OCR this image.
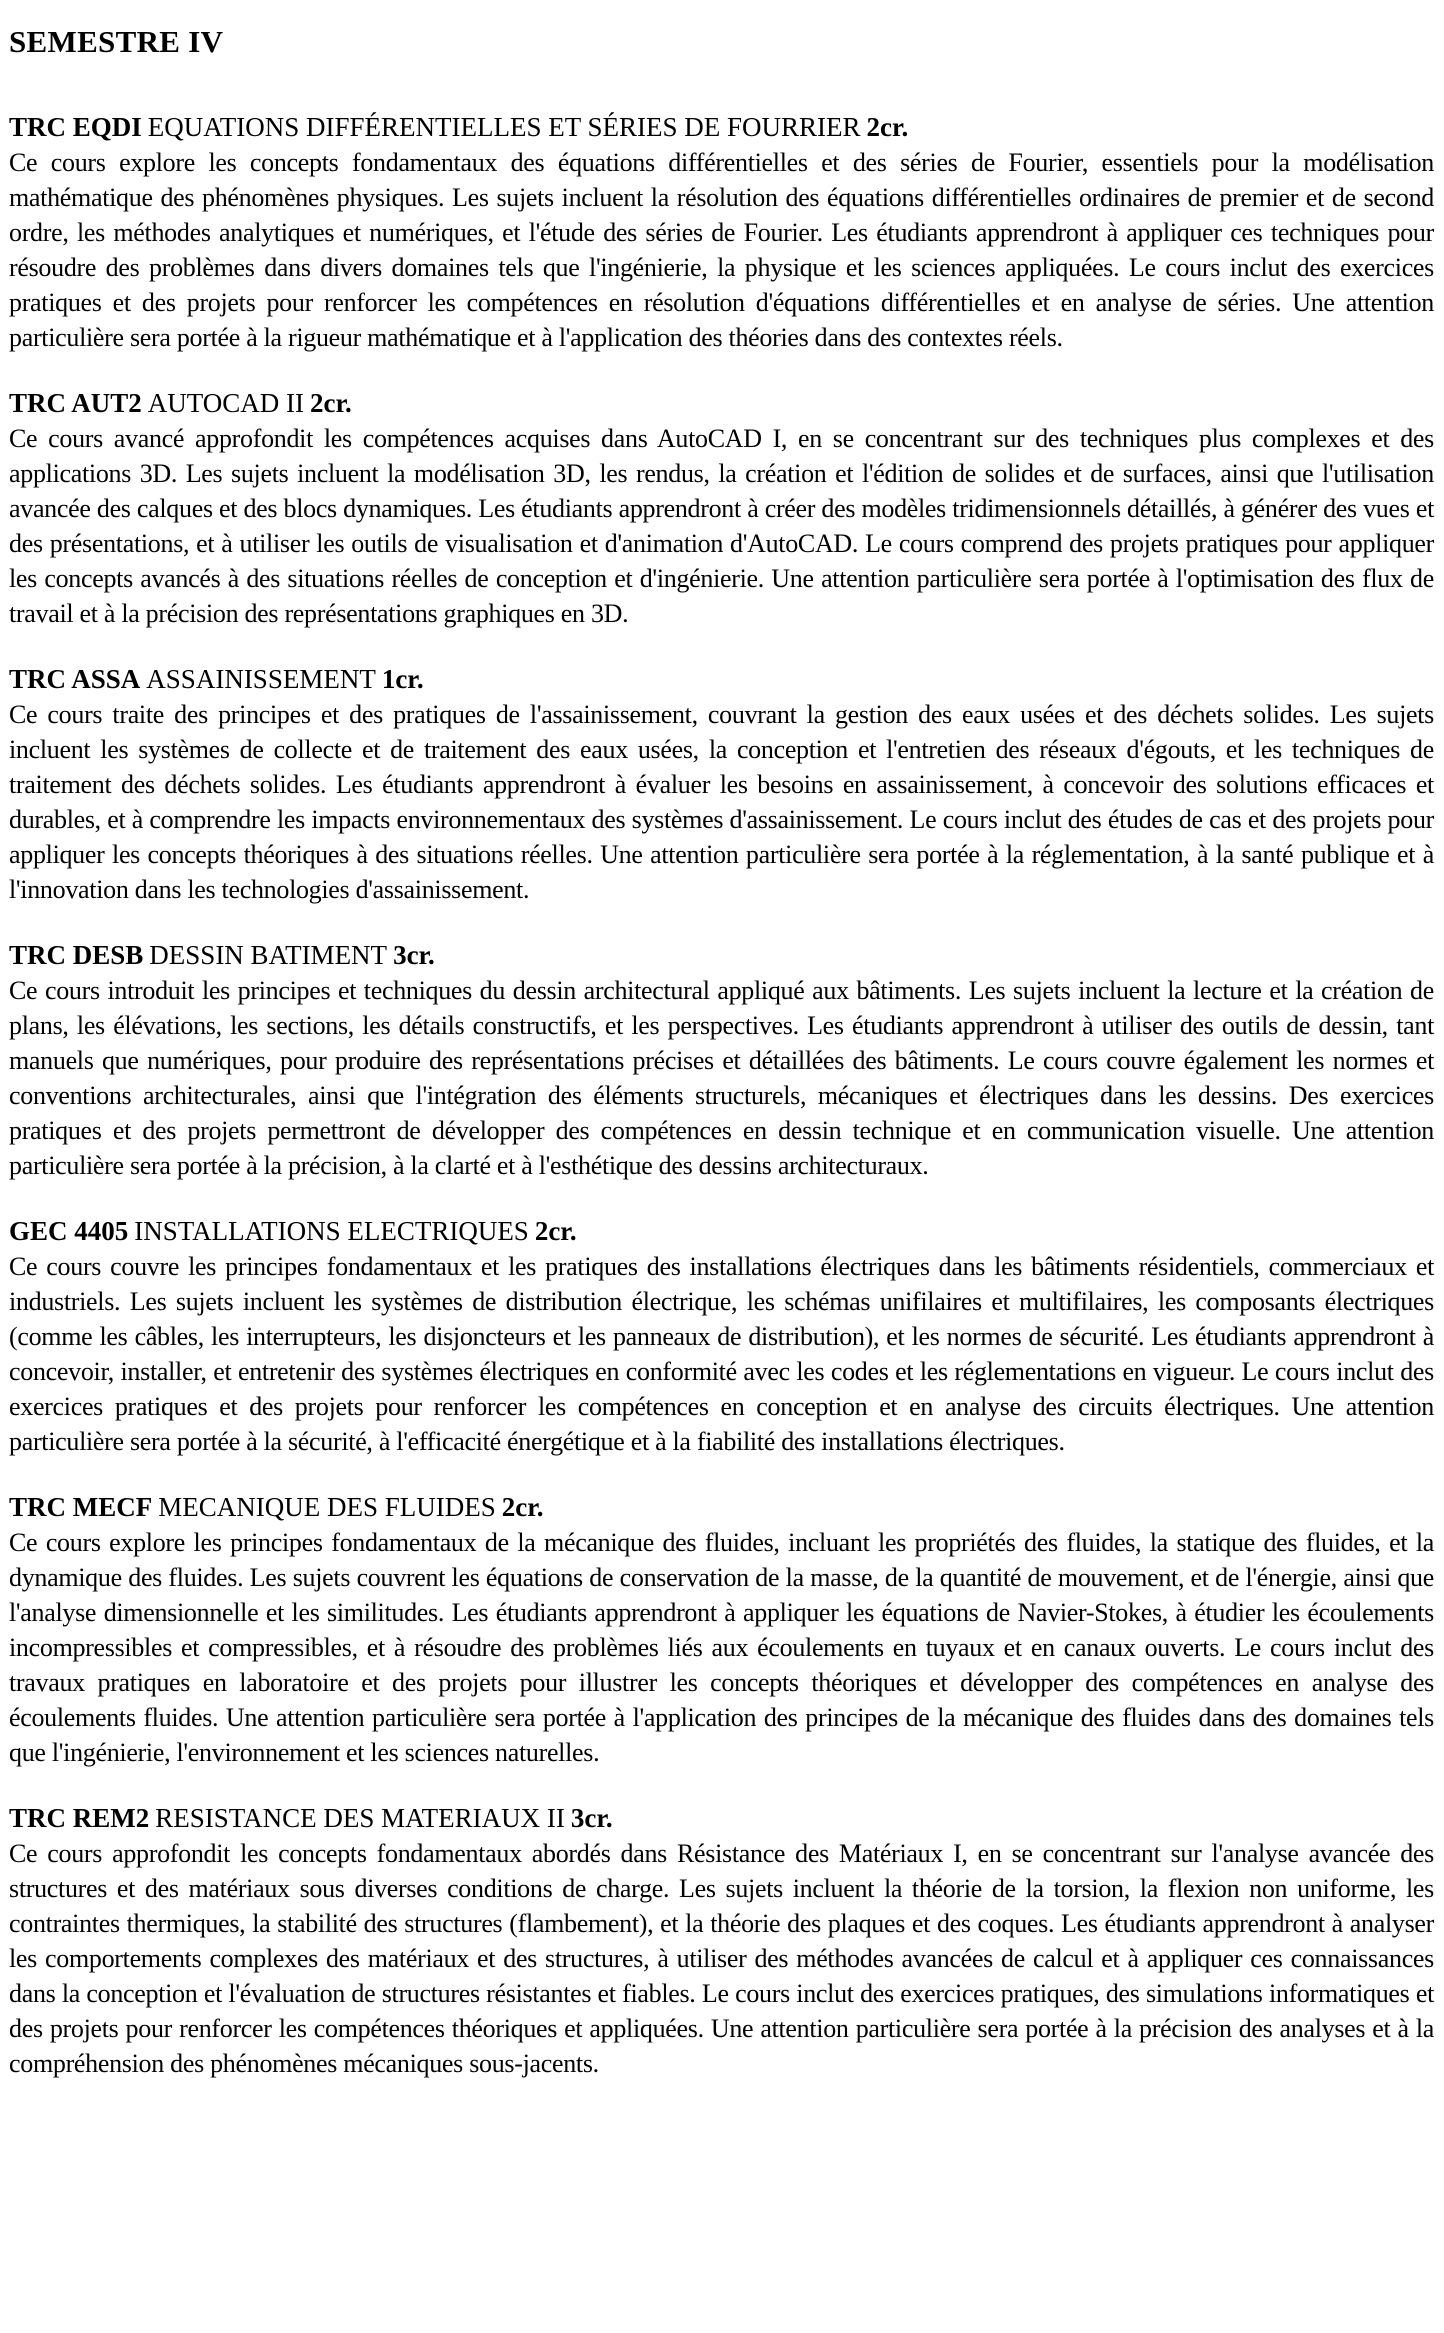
SEMESTRE IV
TRC EQDI EQUATIONS DIFFÉRENTIELLES ET SÉRIES DE FOURRIER 2cr.

Ce cours explore les concepts fondamentaux des équations différentielles et des séries de Fourier, essentiels pour la modélisation mathématique des phénomènes physiques. Les sujets incluent la résolution des équations différentielles ordinaires de premier et de second ordre, les méthodes analytiques et numériques, et l'étude des séries de Fourier. Les étudiants apprendront à appliquer ces techniques pour résoudre des problèmes dans divers domaines tels que l'ingénierie, la physique et les sciences appliquées. Le cours inclut des exercices pratiques et des projets pour renforcer les compétences en résolution d'équations différentielles et en analyse de séries. Une attention particulière sera portée à la rigueur mathématique et à l'application des théories dans des contextes réels.

TRC AUT2 AUTOCAD II 2cr.

Ce cours avancé approfondit les compétences acquises dans AutoCAD I, en se concentrant sur des techniques plus complexes et des applications 3D. Les sujets incluent la modélisation 3D, les rendus, la création et l'édition de solides et de surfaces, ainsi que l'utilisation avancée des calques et des blocs dynamiques. Les étudiants apprendront à créer des modèles tridimensionnels détaillés, à générer des vues et des présentations, et à utiliser les outils de visualisation et d'animation d'AutoCAD. Le cours comprend des projets pratiques pour appliquer les concepts avancés à des situations réelles de conception et d'ingénierie. Une attention particulière sera portée à l'optimisation des flux de travail et à la précision des représentations graphiques en 3D.

TRC ASSA ASSAINISSEMENT 1cr.

Ce cours traite des principes et des pratiques de l'assainissement, couvrant la gestion des eaux usées et des déchets solides. Les sujets incluent les systèmes de collecte et de traitement des eaux usées, la conception et l'entretien des réseaux d'égouts, et les techniques de traitement des déchets solides. Les étudiants apprendront à évaluer les besoins en assainissement, à concevoir des solutions efficaces et durables, et à comprendre les impacts environnementaux des systèmes d'assainissement. Le cours inclut des études de cas et des projets pour appliquer les concepts théoriques à des situations réelles. Une attention particulière sera portée à la réglementation, à la santé publique et à l'innovation dans les technologies d'assainissement.

TRC DESB DESSIN BATIMENT 3cr.

Ce cours introduit les principes et techniques du dessin architectural appliqué aux bâtiments. Les sujets incluent la lecture et la création de plans, les élévations, les sections, les détails constructifs, et les perspectives. Les étudiants apprendront à utiliser des outils de dessin, tant manuels que numériques, pour produire des représentations précises et détaillées des bâtiments. Le cours couvre également les normes et conventions architecturales, ainsi que l'intégration des éléments structurels, mécaniques et électriques dans les dessins. Des exercices pratiques et des projets permettront de développer des compétences en dessin technique et en communication visuelle. Une attention particulière sera portée à la précision, à la clarté et à l'esthétique des dessins architecturaux.

GEC 4405 INSTALLATIONS ELECTRIQUES 2cr.

Ce cours couvre les principes fondamentaux et les pratiques des installations électriques dans les bâtiments résidentiels, commerciaux et industriels. Les sujets incluent les systèmes de distribution électrique, les schémas unifilaires et multifilaires, les composants électriques (comme les câbles, les interrupteurs, les disjoncteurs et les panneaux de distribution), et les normes de sécurité. Les étudiants apprendront à concevoir, installer, et entretenir des systèmes électriques en conformité avec les codes et les réglementations en vigueur. Le cours inclut des exercices pratiques et des projets pour renforcer les compétences en conception et en analyse des circuits électriques. Une attention particulière sera portée à la sécurité, à l'efficacité énergétique et à la fiabilité des installations électriques.

TRC MECF MECANIQUE DES FLUIDES 2cr.

Ce cours explore les principes fondamentaux de la mécanique des fluides, incluant les propriétés des fluides, la statique des fluides, et la dynamique des fluides. Les sujets couvrent les équations de conservation de la masse, de la quantité de mouvement, et de l'énergie, ainsi que l'analyse dimensionnelle et les similitudes. Les étudiants apprendront à appliquer les équations de Navier-Stokes, à étudier les écoulements incompressibles et compressibles, et à résoudre des problèmes liés aux écoulements en tuyaux et en canaux ouverts. Le cours inclut des travaux pratiques en laboratoire et des projets pour illustrer les concepts théoriques et développer des compétences en analyse des écoulements fluides. Une attention particulière sera portée à l'application des principes de la mécanique des fluides dans des domaines tels que l'ingénierie, l'environnement et les sciences naturelles.

TRC REM2 RESISTANCE DES MATERIAUX II 3cr.

Ce cours approfondit les concepts fondamentaux abordés dans Résistance des Matériaux I, en se concentrant sur l'analyse avancée des structures et des matériaux sous diverses conditions de charge. Les sujets incluent la théorie de la torsion, la flexion non uniforme, les contraintes thermiques, la stabilité des structures (flambement), et la théorie des plaques et des coques. Les étudiants apprendront à analyser les comportements complexes des matériaux et des structures, à utiliser des méthodes avancées de calcul et à appliquer ces connaissances dans la conception et l'évaluation de structures résistantes et fiables. Le cours inclut des exercices pratiques, des simulations informatiques et des projets pour renforcer les compétences théoriques et appliquées. Une attention particulière sera portée à la précision des analyses et à la compréhension des phénomènes mécaniques sous-jacents.
